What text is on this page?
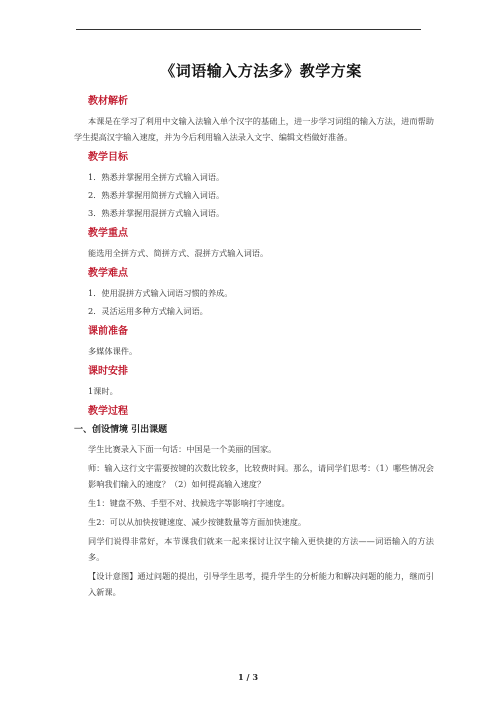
《词语输入方法多》教学方案
教材解析

本课是在学习了利用中文输入法输入单个汉字的基础上，进一步学习词组的输入方法，进而帮助学生提高汉字输入速度，并为今后利用输入法录入文字、编辑文档做好准备。

教学目标

1．熟悉并掌握用全拼方式输入词语。

2．熟悉并掌握用简拼方式输入词语。

3．熟悉并掌握用混拼方式输入词语。

教学重点

能选用全拼方式、简拼方式、混拼方式输入词语。

教学难点

1．使用混拼方式输入词语习惯的养成。

2．灵活运用多种方式输入词语。

课前准备

多媒体课件。

课时安排

1课时。

教学过程
一、创设情境 引出课题

学生比赛录入下面一句话：中国是一个美丽的国家。

师：输入这行文字需要按键的次数比较多，比较费时间。那么，请同学们思考：（1）哪些情况会影响我们输入的速度？（2）如何提高输入速度？

生1：键盘不熟、手型不对、找候选字等影响打字速度。

生2：可以从加快按键速度、减少按键数量等方面加快速度。

同学们说得非常好，本节课我们就来一起来探讨让汉字输入更快捷的方法——词语输入的方法多。

【设计意图】通过问题的提出，引导学生思考，提升学生的分析能力和解决问题的能力，继而引入新课。

1 / 3
